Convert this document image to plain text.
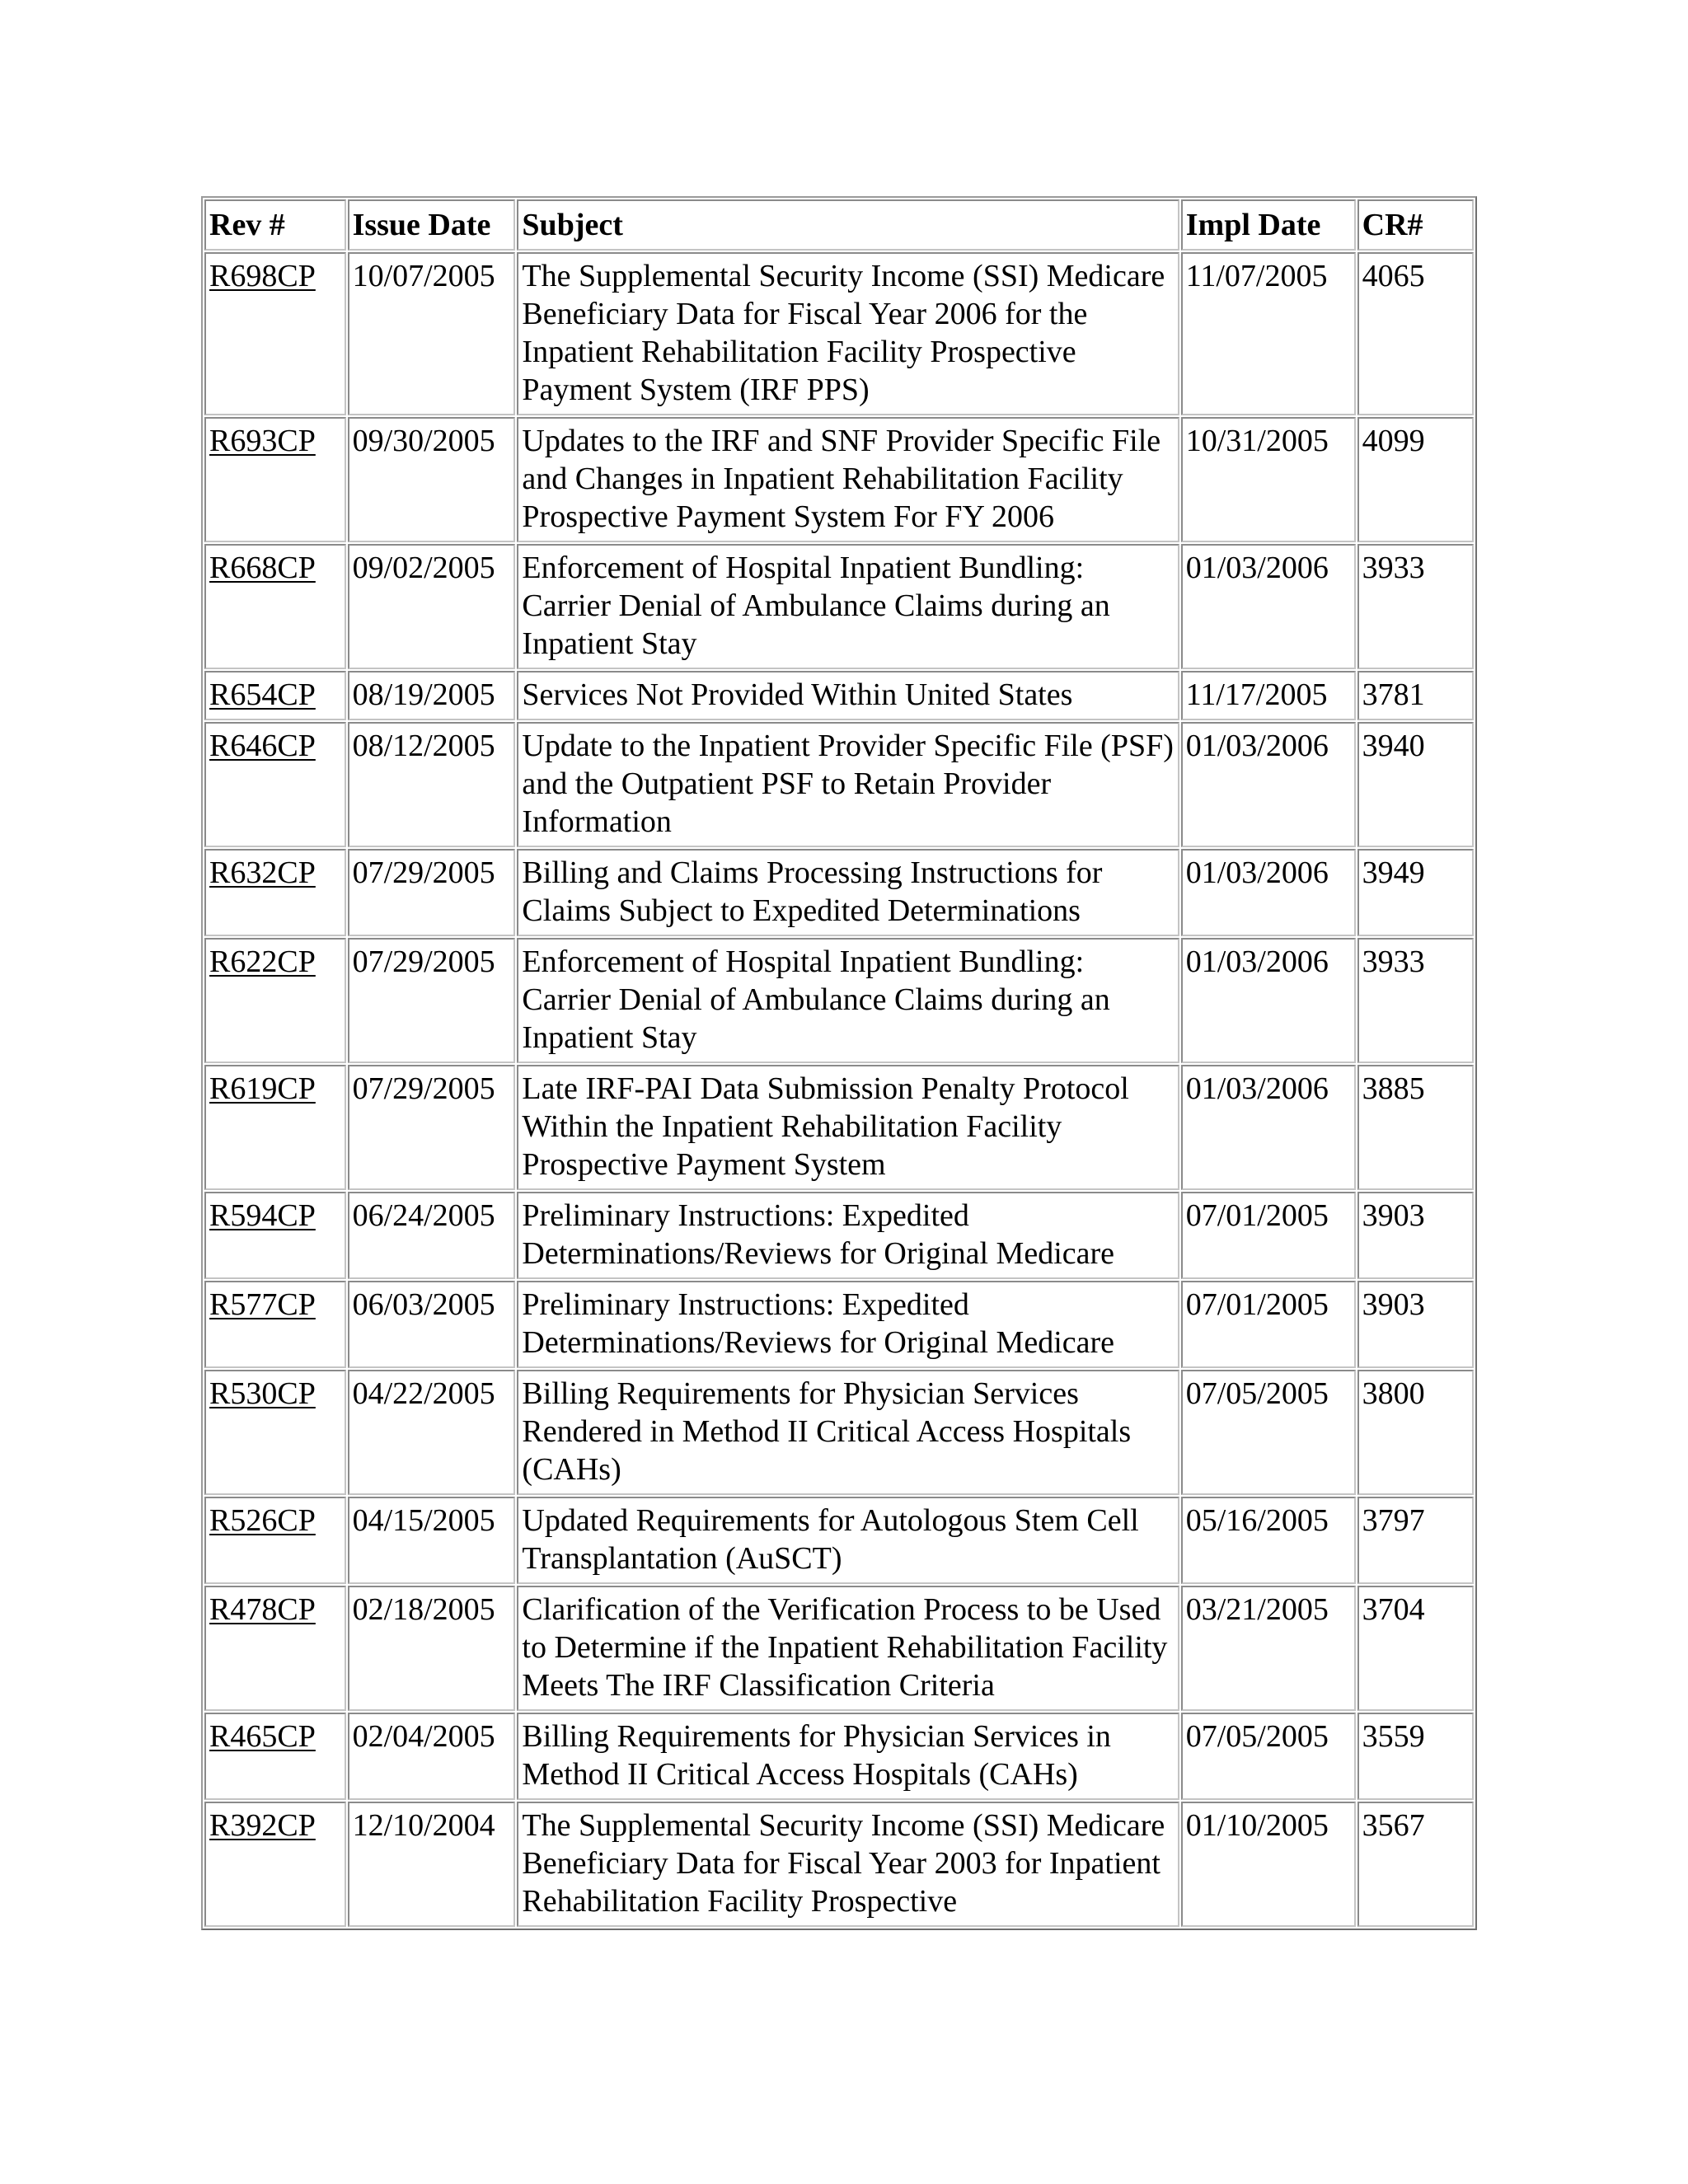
Rev #	Issue Date	Subject	Impl Date	CR#
R698CP	10/07/2005	The Supplemental Security Income (SSI) Medicare Beneficiary Data for Fiscal Year 2006 for the Inpatient Rehabilitation Facility Prospective Payment System (IRF PPS)	11/07/2005	4065
R693CP	09/30/2005	Updates to the IRF and SNF Provider Specific File and Changes in Inpatient Rehabilitation Facility Prospective Payment System For FY 2006	10/31/2005	4099
R668CP	09/02/2005	Enforcement of Hospital Inpatient Bundling: Carrier Denial of Ambulance Claims during an Inpatient Stay	01/03/2006	3933
R654CP	08/19/2005	Services Not Provided Within United States	11/17/2005	3781
R646CP	08/12/2005	Update to the Inpatient Provider Specific File (PSF) and the Outpatient PSF to Retain Provider Information	01/03/2006	3940
R632CP	07/29/2005	Billing and Claims Processing Instructions for Claims Subject to Expedited Determinations	01/03/2006	3949
R622CP	07/29/2005	Enforcement of Hospital Inpatient Bundling: Carrier Denial of Ambulance Claims during an Inpatient Stay	01/03/2006	3933
R619CP	07/29/2005	Late IRF-PAI Data Submission Penalty Protocol Within the Inpatient Rehabilitation Facility Prospective Payment System	01/03/2006	3885
R594CP	06/24/2005	Preliminary Instructions: Expedited Determinations/Reviews for Original Medicare	07/01/2005	3903
R577CP	06/03/2005	Preliminary Instructions: Expedited Determinations/Reviews for Original Medicare	07/01/2005	3903
R530CP	04/22/2005	Billing Requirements for Physician Services Rendered in Method II Critical Access Hospitals (CAHs)	07/05/2005	3800
R526CP	04/15/2005	Updated Requirements for Autologous Stem Cell Transplantation (AuSCT)	05/16/2005	3797
R478CP	02/18/2005	Clarification of the Verification Process to be Used to Determine if the Inpatient Rehabilitation Facility Meets The IRF Classification Criteria	03/21/2005	3704
R465CP	02/04/2005	Billing Requirements for Physician Services in Method II Critical Access Hospitals (CAHs)	07/05/2005	3559
R392CP	12/10/2004	The Supplemental Security Income (SSI) Medicare Beneficiary Data for Fiscal Year 2003 for Inpatient Rehabilitation Facility Prospective	01/10/2005	3567
